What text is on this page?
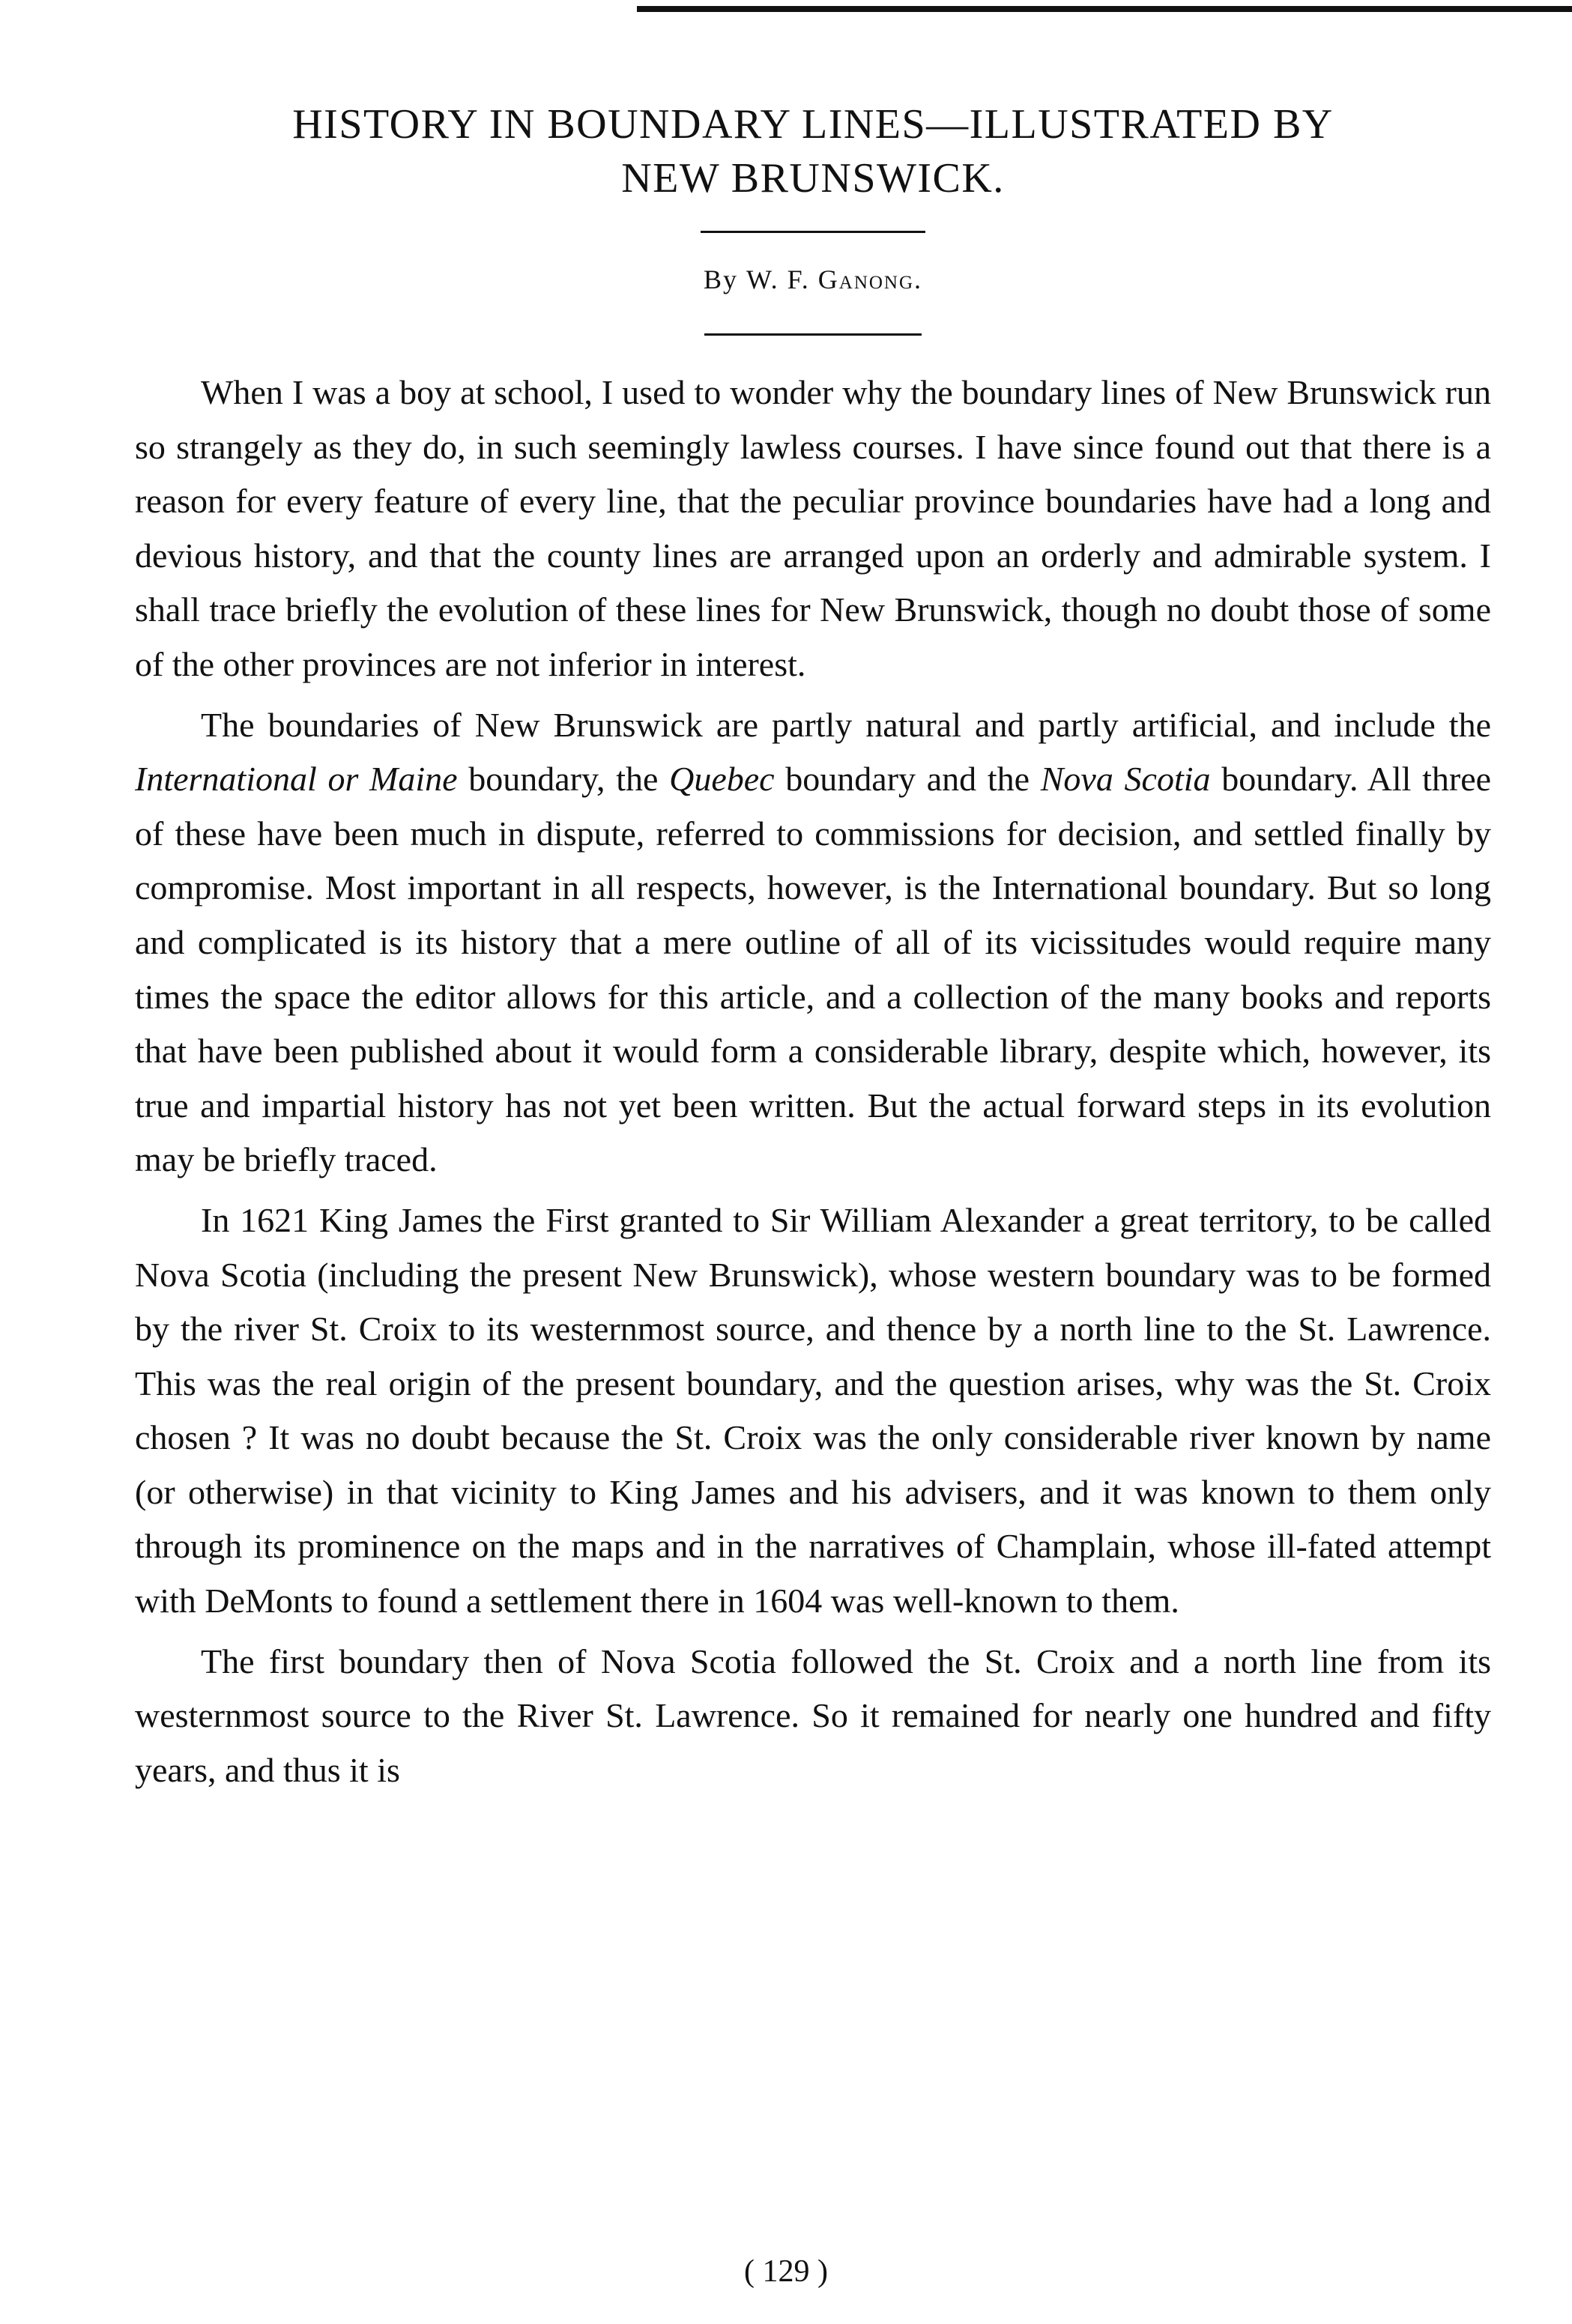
HISTORY IN BOUNDARY LINES—ILLUSTRATED BY
NEW BRUNSWICK.
By W. F. Ganong.

When I was a boy at school, I used to wonder why the boundary lines of New Brunswick run so strangely as they do, in such seemingly lawless courses. I have since found out that there is a reason for every feature of every line, that the peculiar province boundaries have had a long and devious history, and that the county lines are arranged upon an orderly and admirable system. I shall trace briefly the evolution of these lines for New Brunswick, though no doubt those of some of the other provinces are not inferior in interest.

The boundaries of New Brunswick are partly natural and partly artificial, and include the International or Maine boundary, the Quebec boundary and the Nova Scotia boundary. All three of these have been much in dispute, referred to commissions for decision, and settled finally by compromise. Most important in all respects, however, is the International boundary. But so long and complicated is its history that a mere outline of all of its vicissitudes would require many times the space the editor allows for this article, and a collection of the many books and reports that have been published about it would form a considerable library, despite which, however, its true and impartial history has not yet been written. But the actual forward steps in its evolution may be briefly traced.

In 1621 King James the First granted to Sir William Alexander a great territory, to be called Nova Scotia (including the present New Brunswick), whose western boundary was to be formed by the river St. Croix to its westernmost source, and thence by a north line to the St. Lawrence. This was the real origin of the present boundary, and the question arises, why was the St. Croix chosen ? It was no doubt because the St. Croix was the only considerable river known by name (or otherwise) in that vicinity to King James and his advisers, and it was known to them only through its prominence on the maps and in the narratives of Champlain, whose ill-fated attempt with DeMonts to found a settlement there in 1604 was well-known to them.

The first boundary then of Nova Scotia followed the St. Croix and a north line from its westernmost source to the River St. Lawrence. So it remained for nearly one hundred and fifty years, and thus it is

( 129 )
